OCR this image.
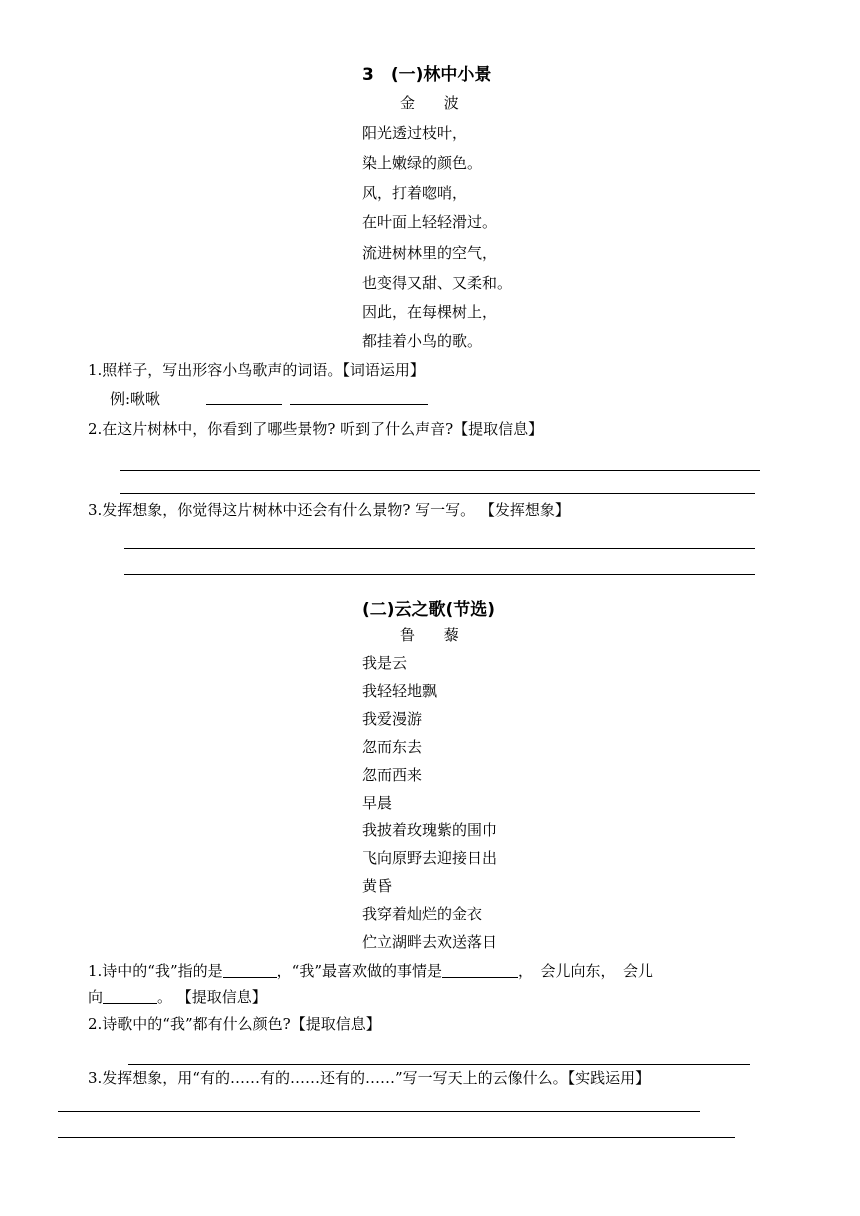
3　(一)林中小景
金 波
阳光透过枝叶，
染上嫩绿的颜色。
风，打着唿哨，
在叶面上轻轻滑过。
流进树林里的空气，
也变得又甜、又柔和。
因此，在每棵树上，
都挂着小鸟的歌。
1.照样子，写出形容小鸟歌声的词语。【词语运用】
例:啾啾
2.在这片树林中，你看到了哪些景物? 听到了什么声音?【提取信息】
3.发挥想象，你觉得这片树林中还会有什么景物? 写一写。 【发挥想象】
(二)云之歌(节选)
鲁 藜
我是云
我轻轻地飘
我爱漫游
忽而东去
忽而西来
早晨
我披着玫瑰紫的围巾
飞向原野去迎接日出
黄昏
我穿着灿烂的金衣
伫立湖畔去欢送落日
1.诗中的“我”指的是	，“我”最喜欢做的事情是	，　会儿向东，　会儿
向	。 【提取信息】
2.诗歌中的“我”都有什么颜色?【提取信息】
3.发挥想象，用“有的……有的……还有的……”写一写天上的云像什么。【实践运用】
